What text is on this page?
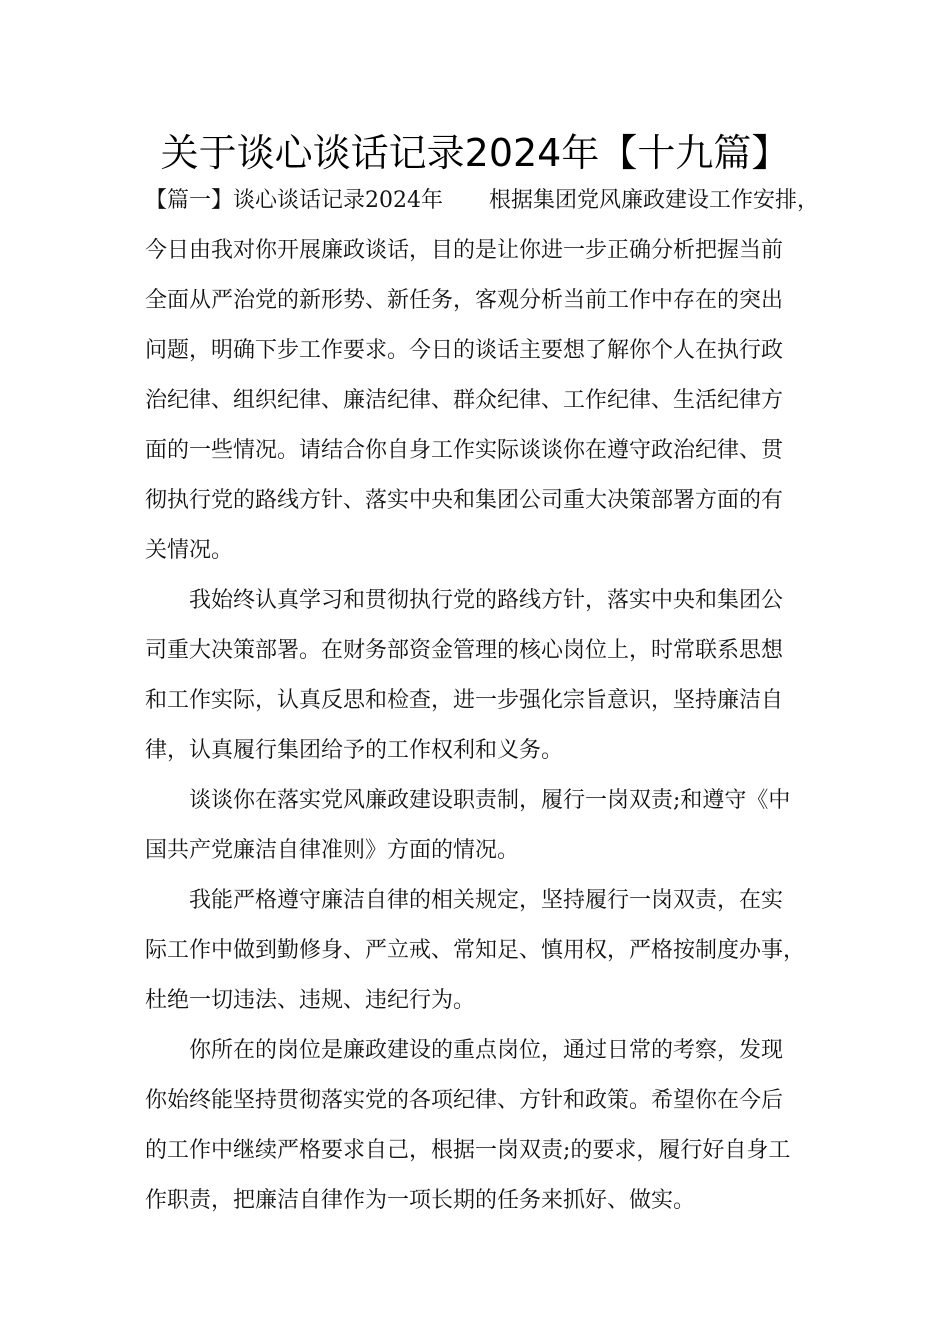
关于谈心谈话记录2024年【十九篇】
【篇一】谈心谈话记录2024年 根据集团党风廉政建设工作安排，
今日由我对你开展廉政谈话，目的是让你进一步正确分析把握当前
全面从严治党的新形势、新任务，客观分析当前工作中存在的突出
问题，明确下步工作要求。今日的谈话主要想了解你个人在执行政
治纪律、组织纪律、廉洁纪律、群众纪律、工作纪律、生活纪律方
面的一些情况。请结合你自身工作实际谈谈你在遵守政治纪律、贯
彻执行党的路线方针、落实中央和集团公司重大决策部署方面的有
关情况。
我始终认真学习和贯彻执行党的路线方针，落实中央和集团公
司重大决策部署。在财务部资金管理的核心岗位上，时常联系思想
和工作实际，认真反思和检查，进一步强化宗旨意识，坚持廉洁自
律，认真履行集团给予的工作权利和义务。
谈谈你在落实党风廉政建设职责制，履行一岗双责;和遵守《中
国共产党廉洁自律准则》方面的情况。
我能严格遵守廉洁自律的相关规定，坚持履行一岗双责，在实
际工作中做到勤修身、严立戒、常知足、慎用权，严格按制度办事，
杜绝一切违法、违规、违纪行为。
你所在的岗位是廉政建设的重点岗位，通过日常的考察，发现
你始终能坚持贯彻落实党的各项纪律、方针和政策。希望你在今后
的工作中继续严格要求自己，根据一岗双责;的要求，履行好自身工
作职责，把廉洁自律作为一项长期的任务来抓好、做实。
